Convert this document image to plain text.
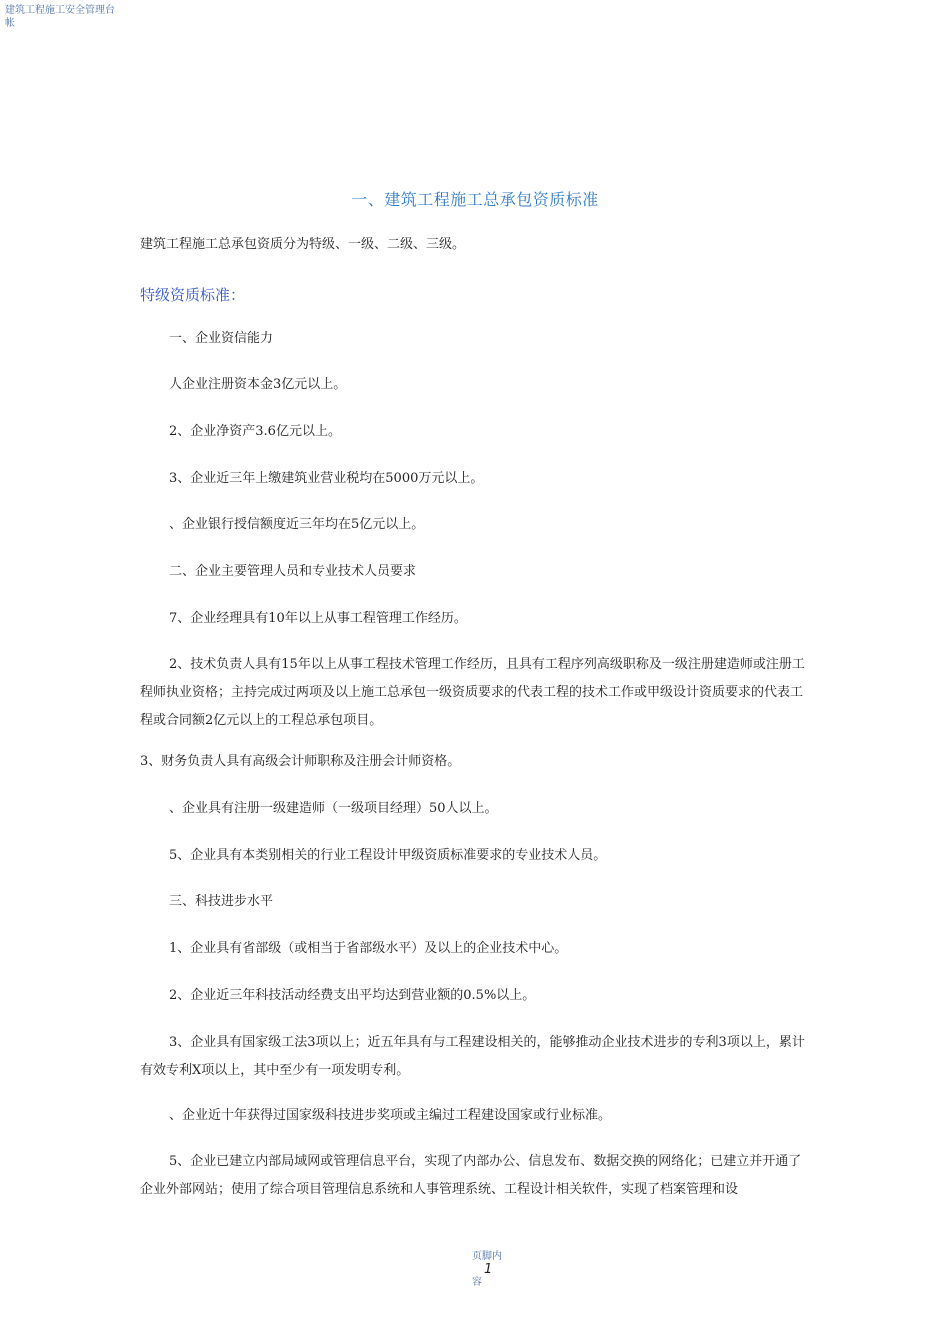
建筑工程施工安全管理台帐
一、建筑工程施工总承包资质标准

建筑工程施工总承包资质分为特级、一级、二级、三级。

特级资质标准：

一、企业资信能力

人企业注册资本金3亿元以上。

2、企业净资产3.6亿元以上。

3、企业近三年上缴建筑业营业税均在5000万元以上。

、企业银行授信额度近三年均在5亿元以上。

二、企业主要管理人员和专业技术人员要求

7、企业经理具有10年以上从事工程管理工作经历。

2、技术负责人具有15年以上从事工程技术管理工作经历，且具有工程序列高级职称及一级注册建造师或注册工程师执业资格；主持完成过两项及以上施工总承包一级资质要求的代表工程的技术工作或甲级设计资质要求的代表工程或合同额2亿元以上的工程总承包项目。

3、财务负责人具有高级会计师职称及注册会计师资格。

、企业具有注册一级建造师（一级项目经理）50人以上。

5、企业具有本类别相关的行业工程设计甲级资质标准要求的专业技术人员。

三、科技进步水平

1、企业具有省部级（或相当于省部级水平）及以上的企业技术中心。

2、企业近三年科技活动经费支出平均达到营业额的0.5%以上。

3、企业具有国家级工法3项以上；近五年具有与工程建设相关的，能够推动企业技术进步的专利3项以上，累计有效专利X项以上，其中至少有一项发明专利。

、企业近十年获得过国家级科技进步奖项或主编过工程建设国家或行业标准。

5、企业已建立内部局域网或管理信息平台，实现了内部办公、信息发布、数据交换的网络化；已建立并开通了企业外部网站；使用了综合项目管理信息系统和人事管理系统、工程设计相关软件，实现了档案管理和设

页脚内
1
容
